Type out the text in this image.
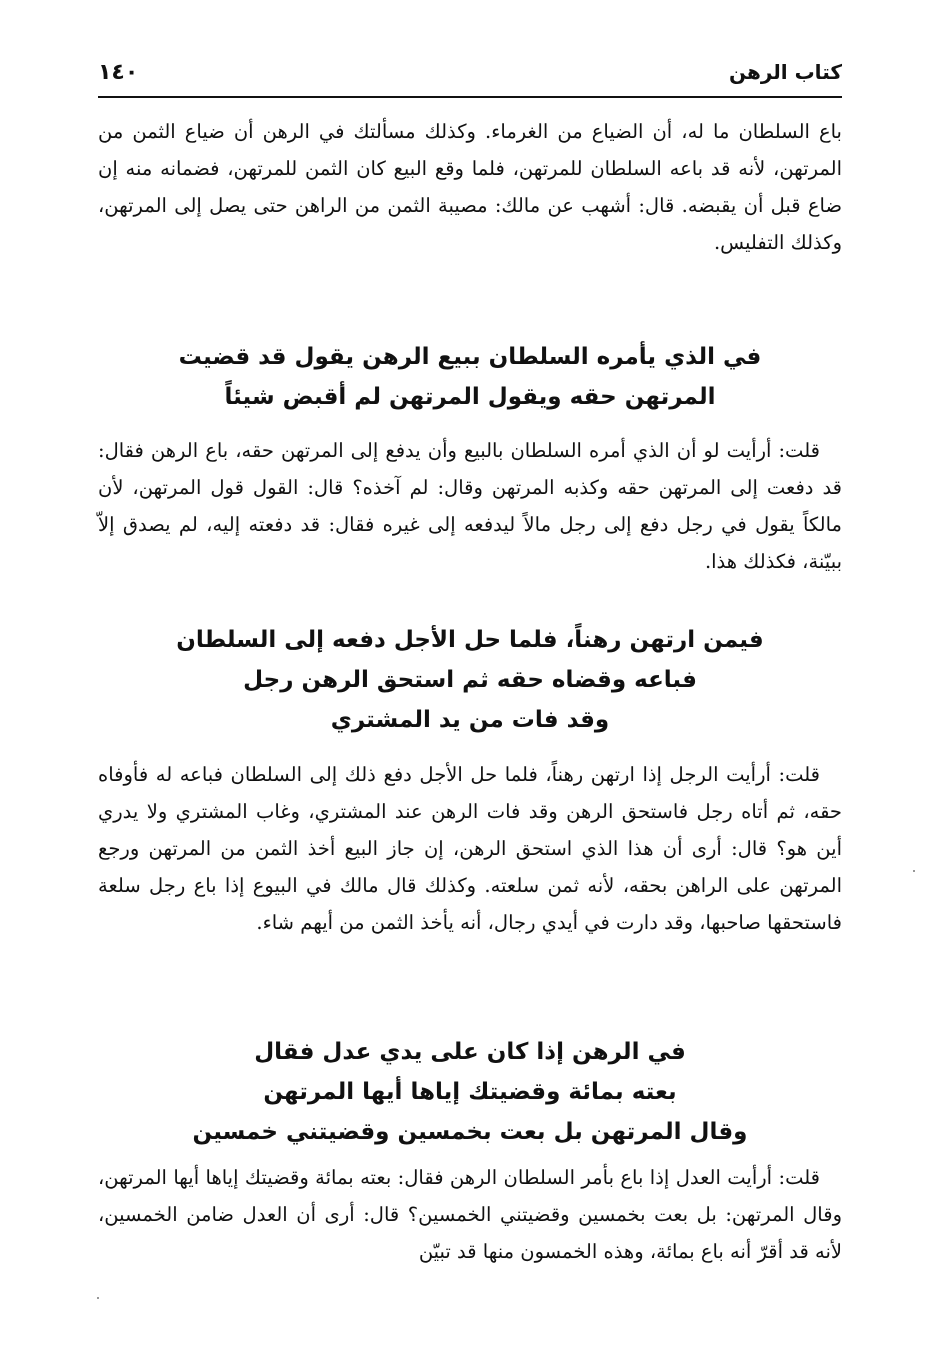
كتاب الرهن
١٤٠

باع السلطان ما له، أن الضياع من الغرماء. وكذلك مسألتك في الرهن أن ضياع الثمن من المرتهن، لأنه قد باعه السلطان للمرتهن، فلما وقع البيع كان الثمن للمرتهن، فضمانه منه إن ضاع قبل أن يقبضه. قال: أشهب عن مالك: مصيبة الثمن من الراهن حتى يصل إلى المرتهن، وكذلك التفليس.

في الذي يأمره السلطان ببيع الرهن يقول قد قضيت
المرتهن حقه ويقول المرتهن لم أقبض شيئاً

قلت: أرأيت لو أن الذي أمره السلطان بالبيع وأن يدفع إلى المرتهن حقه، باع الرهن فقال: قد دفعت إلى المرتهن حقه وكذبه المرتهن وقال: لم آخذه؟ قال: القول قول المرتهن، لأن مالكاً يقول في رجل دفع إلى رجل مالاً ليدفعه إلى غيره فقال: قد دفعته إليه، لم يصدق إلاّ ببيّنة، فكذلك هذا.

فيمن ارتهن رهناً، فلما حل الأجل دفعه إلى السلطان
فباعه وقضاه حقه ثم استحق الرهن رجل
وقد فات من يد المشتري

قلت: أرأيت الرجل إذا ارتهن رهناً، فلما حل الأجل دفع ذلك إلى السلطان فباعه له فأوفاه حقه، ثم أتاه رجل فاستحق الرهن وقد فات الرهن عند المشتري، وغاب المشتري ولا يدري أين هو؟ قال: أرى أن هذا الذي استحق الرهن، إن جاز البيع أخذ الثمن من المرتهن ورجع المرتهن على الراهن بحقه، لأنه ثمن سلعته. وكذلك قال مالك في البيوع إذا باع رجل سلعة فاستحقها صاحبها، وقد دارت في أيدي رجال، أنه يأخذ الثمن من أيهم شاء.

في الرهن إذا كان على يدي عدل فقال
بعته بمائة وقضيتك إياها أيها المرتهن
وقال المرتهن بل بعت بخمسين وقضيتني خمسين

قلت: أرأيت العدل إذا باع بأمر السلطان الرهن فقال: بعته بمائة وقضيتك إياها أيها المرتهن، وقال المرتهن: بل بعت بخمسين وقضيتني الخمسين؟ قال: أرى أن العدل ضامن الخمسين، لأنه قد أقرّ أنه باع بمائة، وهذه الخمسون منها قد تبيّن
